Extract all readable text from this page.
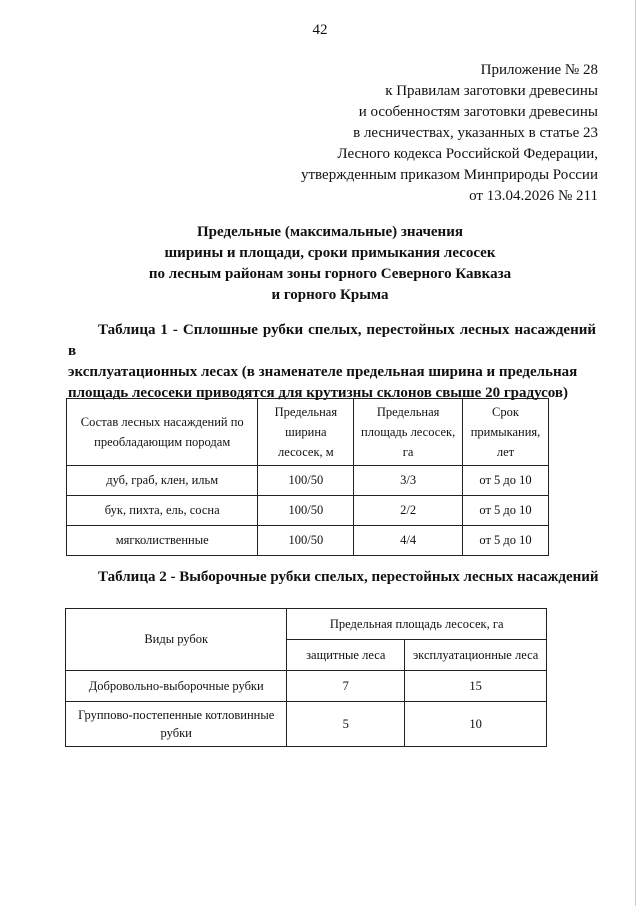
42
Приложение № 28
к Правилам заготовки древесины
и особенностям заготовки древесины
в лесничествах, указанных в статье 23
Лесного кодекса Российской Федерации,
утвержденным приказом Минприроды России
от 13.04.2026 № 211
Предельные (максимальные) значения
ширины и площади, сроки примыкания лесосек
по лесным районам зоны горного Северного Кавказа
и горного Крыма
Таблица 1 - Сплошные рубки спелых, перестойных лесных насаждений в
эксплуатационных лесах (в знаменателе предельная ширина и предельная
площадь лесосеки приводятся для крутизны склонов свыше 20 градусов)
Состав лесных насаждений по преобладающим породам	Предельная ширина лесосек, м	Предельная площадь лесосек, га	Срок примыкания, лет
дуб, граб, клен, ильм	100/50	3/3	от 5 до 10
бук, пихта, ель, сосна	100/50	2/2	от 5 до 10
мягколиственные	100/50	4/4	от 5 до 10
Таблица 2 - Выборочные рубки спелых, перестойных лесных насаждений
Виды рубок	Предельная площадь лесосек, га	
	защитные леса	эксплуатационные леса
Добровольно-выборочные рубки	7	15
Группово-постепенные котловинные рубки	5	10
